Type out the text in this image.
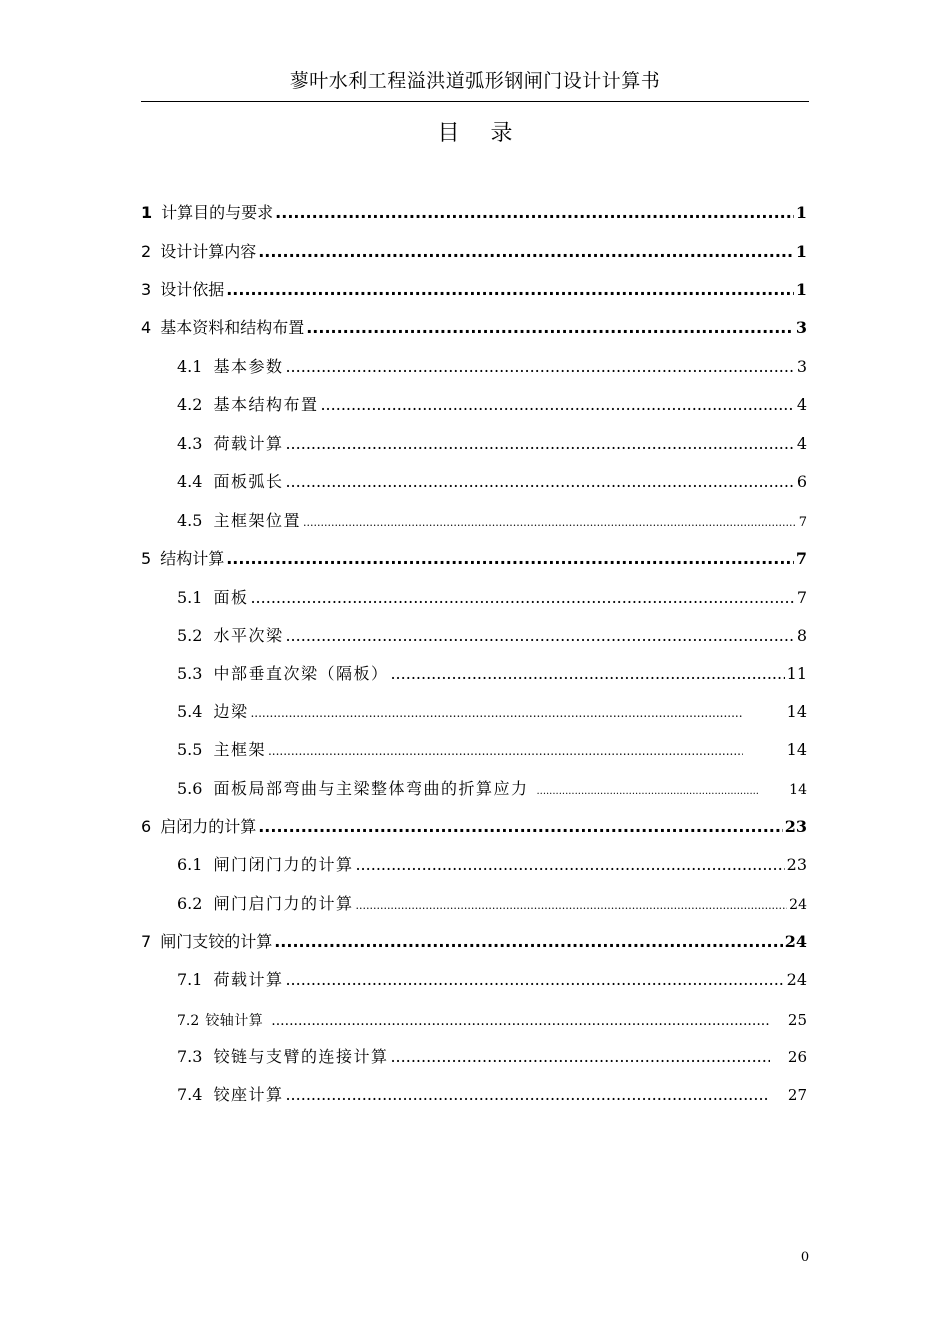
蓼叶水利工程溢洪道弧形钢闸门设计计算书
目 录
1 计算目的与要求 .....	1
2 设计计算内容 .....	1
3 设计依据 .....	1
4 基本资料和结构布置 .....	3
4.1 基本参数 .....	3
4.2 基本结构布置 .....	4
4.3 荷载计算 .....	4
4.4 面板弧长 .....	6
4.5 主框架位置 .....	7
5 结构计算 .....	7
5.1 面板 .....	7
5.2 水平次梁 .....	8
5.3 中部垂直次梁（隔板） .....	11
5.4 边梁 .....	14
5.5 主框架 .....	14
5.6 面板局部弯曲与主梁整体弯曲的折算应力 .....	14
6 启闭力的计算 .....	23
6.1 闸门闭门力的计算 .....	23
6.2 闸门启门力的计算 .....	24
7 闸门支铰的计算 .....	24
7.1 荷载计算 .....	24
7.2 铰轴计算 .....	25
7.3 铰链与支臂的连接计算 .....	26
7.4 铰座计算 .....	27
0
